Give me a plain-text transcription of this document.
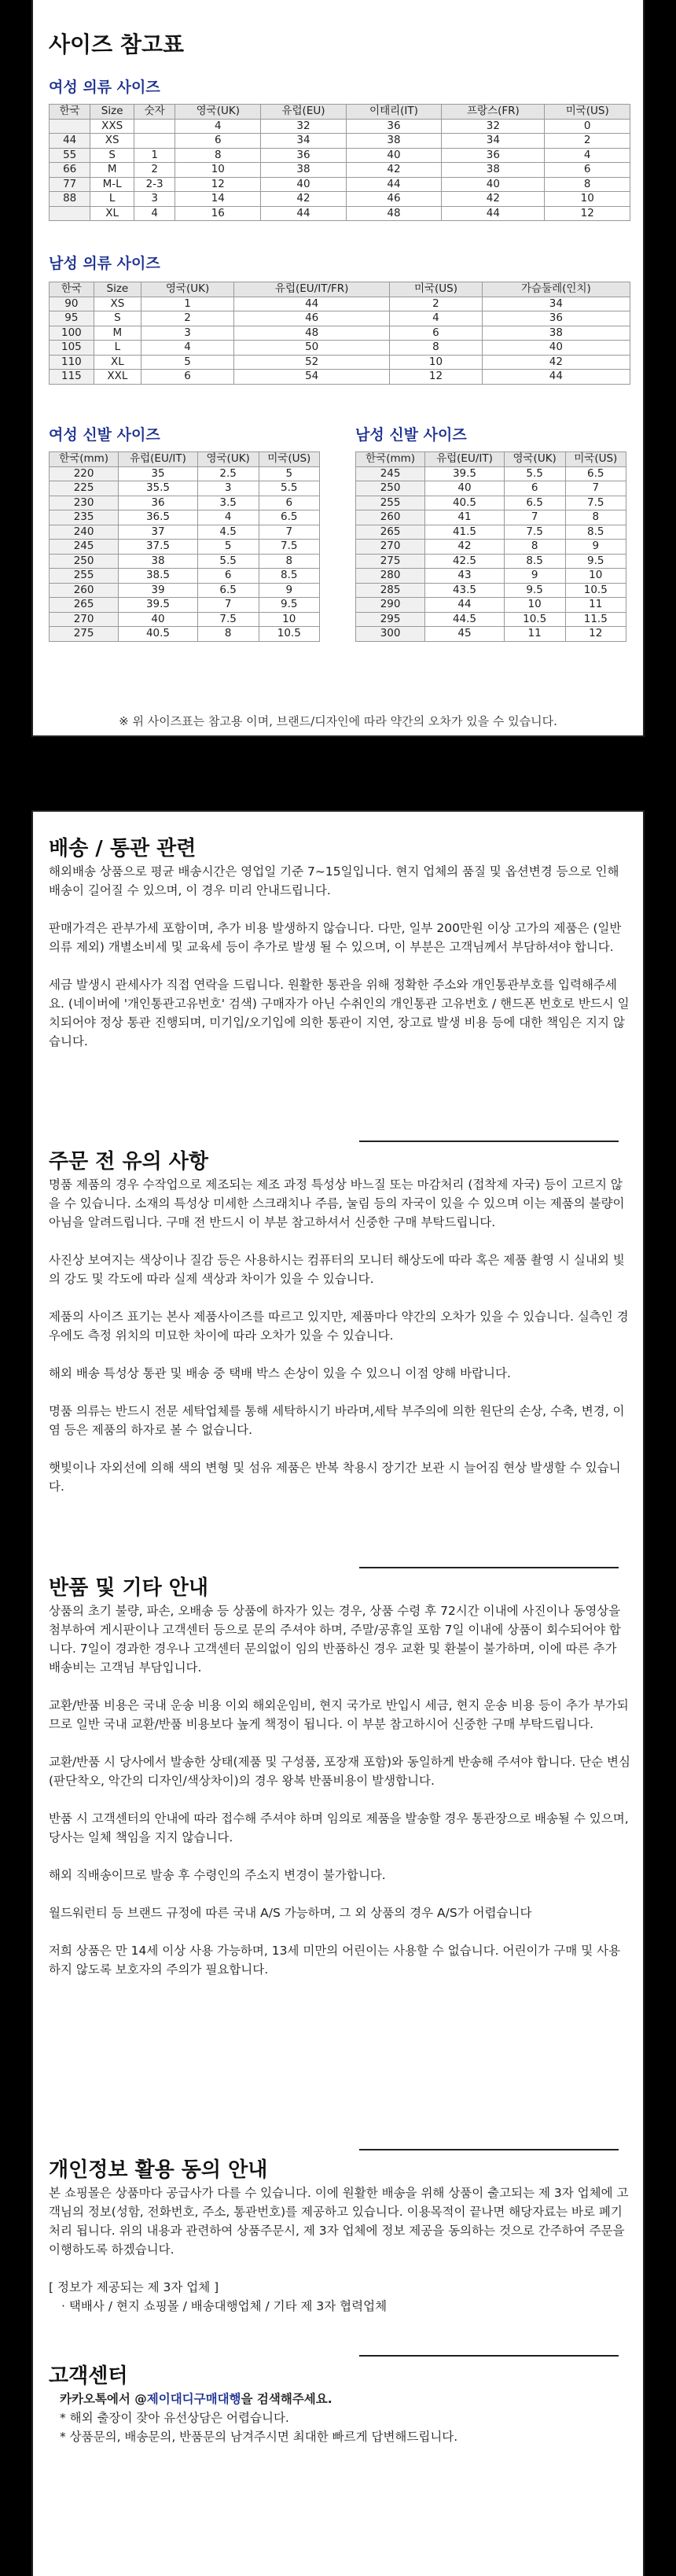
사이즈 참고표
여성 의류 사이즈
한국	Size	숫자	영국(UK)	유럽(EU)	이태리(IT)	프랑스(FR)	미국(US)
	XXS		4	32	36	32	0
44	XS		6	34	38	34	2
55	S	1	8	36	40	36	4
66	M	2	10	38	42	38	6
77	M-L	2-3	12	40	44	40	8
88	L	3	14	42	46	42	10
	XL	4	16	44	48	44	12
남성 의류 사이즈
한국	Size	영국(UK)	유럽(EU/IT/FR)	미국(US)	가슴둘레(인치)
90	XS	1	44	2	34
95	S	2	46	4	36
100	M	3	48	6	38
105	L	4	50	8	40
110	XL	5	52	10	42
115	XXL	6	54	12	44
여성 신발 사이즈
한국(mm)	유럽(EU/IT)	영국(UK)	미국(US)
220	35	2.5	5
225	35.5	3	5.5
230	36	3.5	6
235	36.5	4	6.5
240	37	4.5	7
245	37.5	5	7.5
250	38	5.5	8
255	38.5	6	8.5
260	39	6.5	9
265	39.5	7	9.5
270	40	7.5	10
275	40.5	8	10.5
남성 신발 사이즈
한국(mm)	유럽(EU/IT)	영국(UK)	미국(US)
245	39.5	5.5	6.5
250	40	6	7
255	40.5	6.5	7.5
260	41	7	8
265	41.5	7.5	8.5
270	42	8	9
275	42.5	8.5	9.5
280	43	9	10
285	43.5	9.5	10.5
290	44	10	11
295	44.5	10.5	11.5
300	45	11	12
※ 위 사이즈표는 참고용 이며, 브랜드/디자인에 따라 약간의 오차가 있을 수 있습니다.
배송 / 통관 관련

해외배송 상품으로 평균 배송시간은 영업일 기준 7~15일입니다. 현지 업체의 품질 및 옵션변경 등으로 인해 배송이 길어질 수 있으며, 이 경우 미리 안내드립니다.

판매가격은 관부가세 포함이며, 추가 비용 발생하지 않습니다. 다만, 일부 200만원 이상 고가의 제품은 (일반의류 제외) 개별소비세 및 교육세 등이 추가로 발생 될 수 있으며, 이 부분은 고객님께서 부담하셔야 합니다.

세금 발생시 관세사가 직접 연락을 드립니다. 원활한 통관을 위해 정확한 주소와 개인통관부호를 입력해주세요. (네이버에 '개인통관고유번호' 검색) 구매자가 아닌 수취인의 개인통관 고유번호 / 핸드폰 번호로 반드시 일치되어야 정상 통관 진행되며, 미기입/오기입에 의한 통관이 지연, 장고료 발생 비용 등에 대한 책임은 지지 않습니다.

주문 전 유의 사항

명품 제품의 경우 수작업으로 제조되는 제조 과정 특성상 바느질 또는 마감처리 (접착제 자국) 등이 고르지 않을 수 있습니다. 소재의 특성상 미세한 스크래치나 주름, 눌림 등의 자국이 있을 수 있으며 이는 제품의 불량이 아님을 알려드립니다. 구매 전 반드시 이 부분 참고하셔서 신중한 구매 부탁드립니다.

사진상 보여지는 색상이나 질감 등은 사용하시는 컴퓨터의 모니터 해상도에 따라 혹은 제품 촬영 시 실내외 빛의 강도 및 각도에 따라 실제 색상과 차이가 있을 수 있습니다.

제품의 사이즈 표기는 본사 제품사이즈를 따르고 있지만, 제품마다 약간의 오차가 있을 수 있습니다. 실측인 경우에도 측정 위치의 미묘한 차이에 따라 오차가 있을 수 있습니다.

해외 배송 특성상 통관 및 배송 중 택배 박스 손상이 있을 수 있으니 이점 양해 바랍니다.

명품 의류는 반드시 전문 세탁업체를 통해 세탁하시기 바라며,세탁 부주의에 의한 원단의 손상, 수축, 변경, 이염 등은 제품의 하자로 볼 수 없습니다.

햇빛이나 자외선에 의해 색의 변형 및 섬유 제품은 반복 착용시 장기간 보관 시 늘어짐 현상 발생할 수 있습니다.

반품 및 기타 안내

상품의 초기 불량, 파손, 오배송 등 상품에 하자가 있는 경우, 상품 수령 후 72시간 이내에 사진이나 동영상을 첨부하여 게시판이나 고객센터 등으로 문의 주셔야 하며, 주말/공휴일 포함 7일 이내에 상품이 회수되어야 합니다. 7일이 경과한 경우나 고객센터 문의없이 임의 반품하신 경우 교환 및 환불이 불가하며, 이에 따른 추가 배송비는 고객님 부담입니다.

교환/반품 비용은 국내 운송 비용 이외 해외운임비, 현지 국가로 반입시 세금, 현지 운송 비용 등이 추가 부가되므로 일반 국내 교환/반품 비용보다 높게 책정이 됩니다. 이 부분 참고하시어 신중한 구매 부탁드립니다.

교환/반품 시 당사에서 발송한 상태(제품 및 구성품, 포장재 포함)와 동일하게 반송해 주셔야 합니다. 단순 변심(판단착오, 악간의 디자인/색상차이)의 경우 왕복 반품비용이 발생합니다.

반품 시 고객센터의 안내에 따라 접수해 주셔야 하며 임의로 제품을 발송할 경우 통관장으로 배송될 수 있으며, 당사는 일체 책임을 지지 않습니다.

해외 직배송이므로 발송 후 수령인의 주소지 변경이 불가합니다.

월드워런티 등 브랜드 규정에 따른 국내 A/S 가능하며, 그 외 상품의 경우 A/S가 어렵습니다

저희 상품은 만 14세 이상 사용 가능하며, 13세 미만의 어린이는 사용할 수 없습니다. 어린이가 구매 및 사용하지 않도록 보호자의 주의가 필요합니다.

개인정보 활용 동의 안내

본 쇼핑몰은 상품마다 공급사가 다를 수 있습니다. 이에 원활한 배송을 위해 상품이 출고되는 제 3자 업체에 고객님의 정보(성함, 전화번호, 주소, 통관번호)를 제공하고 있습니다. 이용목적이 끝나면 해당자료는 바로 폐기처리 됩니다. 위의 내용과 관련하여 상품주문시, 제 3자 업체에 정보 제공을 동의하는 것으로 간주하여 주문을 이행하도록 하겠습니다.

[ 정보가 제공되는 제 3자 업체 ]

· 택배사 / 현지 쇼핑몰 / 배송대행업체 / 기타 제 3자 협력업체

고객센터

카카오톡에서 @제이대디구매대행을 검색해주세요.

* 해외 출장이 잦아 유선상담은 어렵습니다.

* 상품문의, 배송문의, 반품문의 남겨주시면 최대한 빠르게 답변해드립니다.
